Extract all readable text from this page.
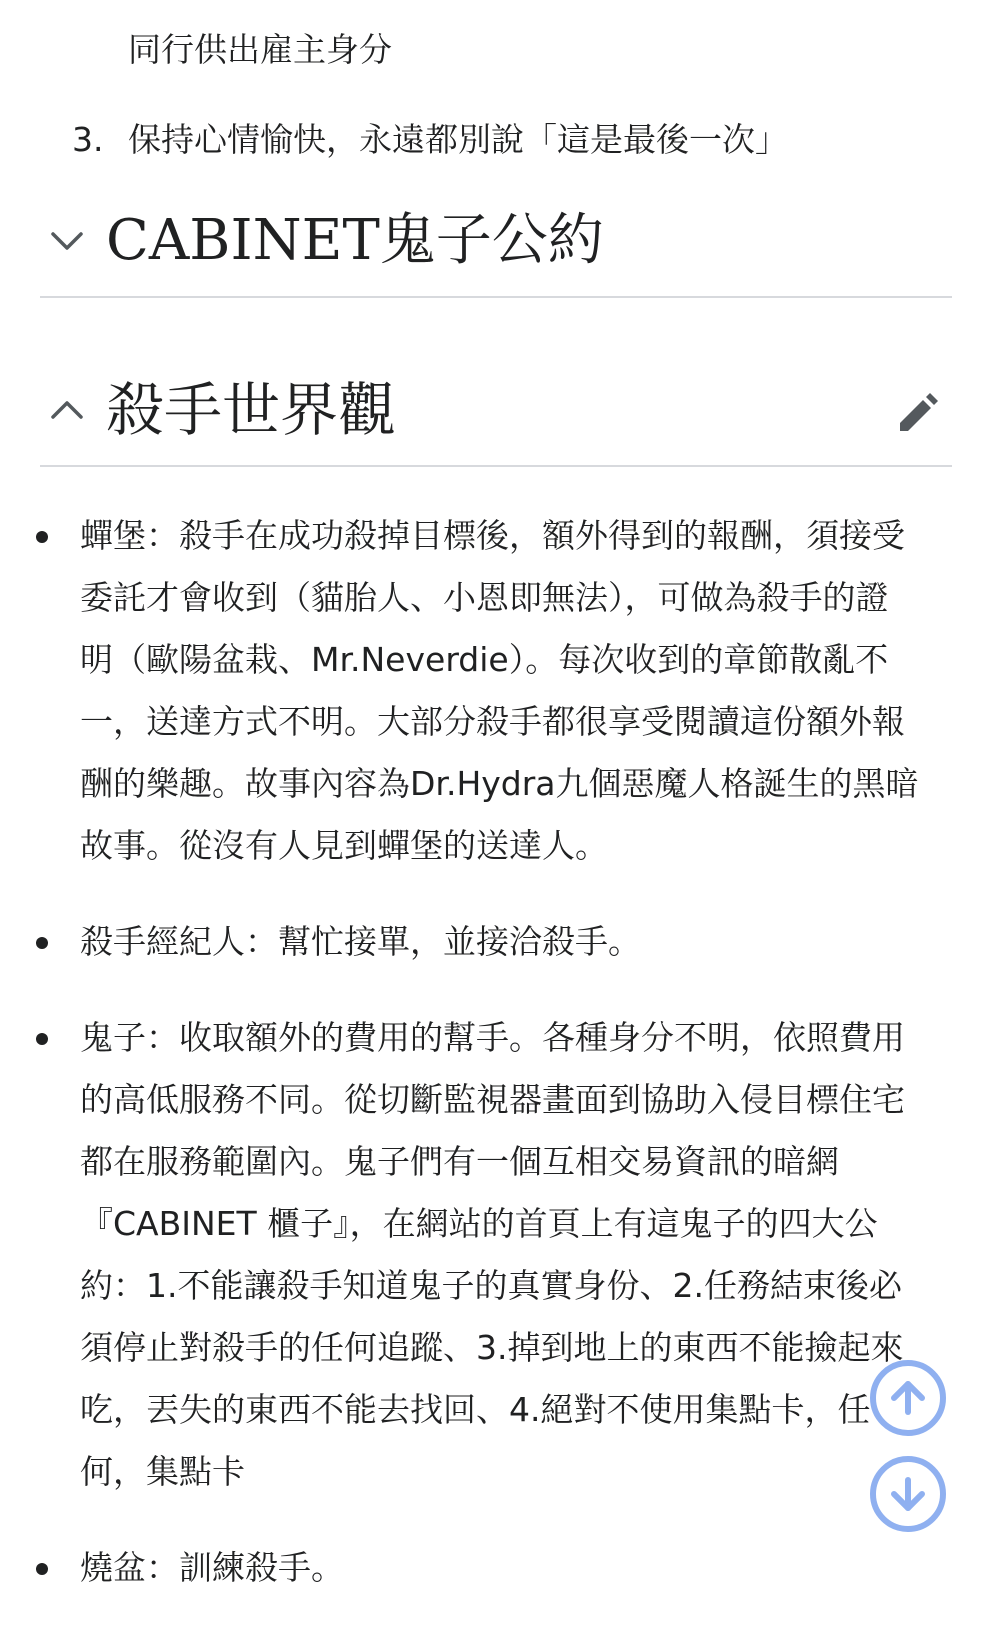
同行供出雇主身分
3. 保持心情愉快，永遠都別說「這是最後一次」
CABINET鬼子公約
殺手世界觀
蟬堡：殺手在成功殺掉目標後，額外得到的報酬，須接受委託才會收到（貓胎人、小恩即無法），可做為殺手的證明（歐陽盆栽、Mr.Neverdie）。每次收到的章節散亂不一，送達方式不明。大部分殺手都很享受閱讀這份額外報酬的樂趣。故事內容為Dr.Hydra九個惡魔人格誕生的黑暗故事。從沒有人見到蟬堡的送達人。
殺手經紀人：幫忙接單，並接洽殺手。
鬼子：收取額外的費用的幫手。各種身分不明，依照費用的高低服務不同。從切斷監視器畫面到協助入侵目標住宅都在服務範圍內。鬼子們有一個互相交易資訊的暗網『CABINET 櫃子』，在網站的首頁上有這鬼子的四大公約：1.不能讓殺手知道鬼子的真實身份、2.任務結束後必須停止對殺手的任何追蹤、3.掉到地上的東西不能撿起來吃，丟失的東西不能去找回、4.絕對不使用集點卡，任何，集點卡
燒盆：訓練殺手。
